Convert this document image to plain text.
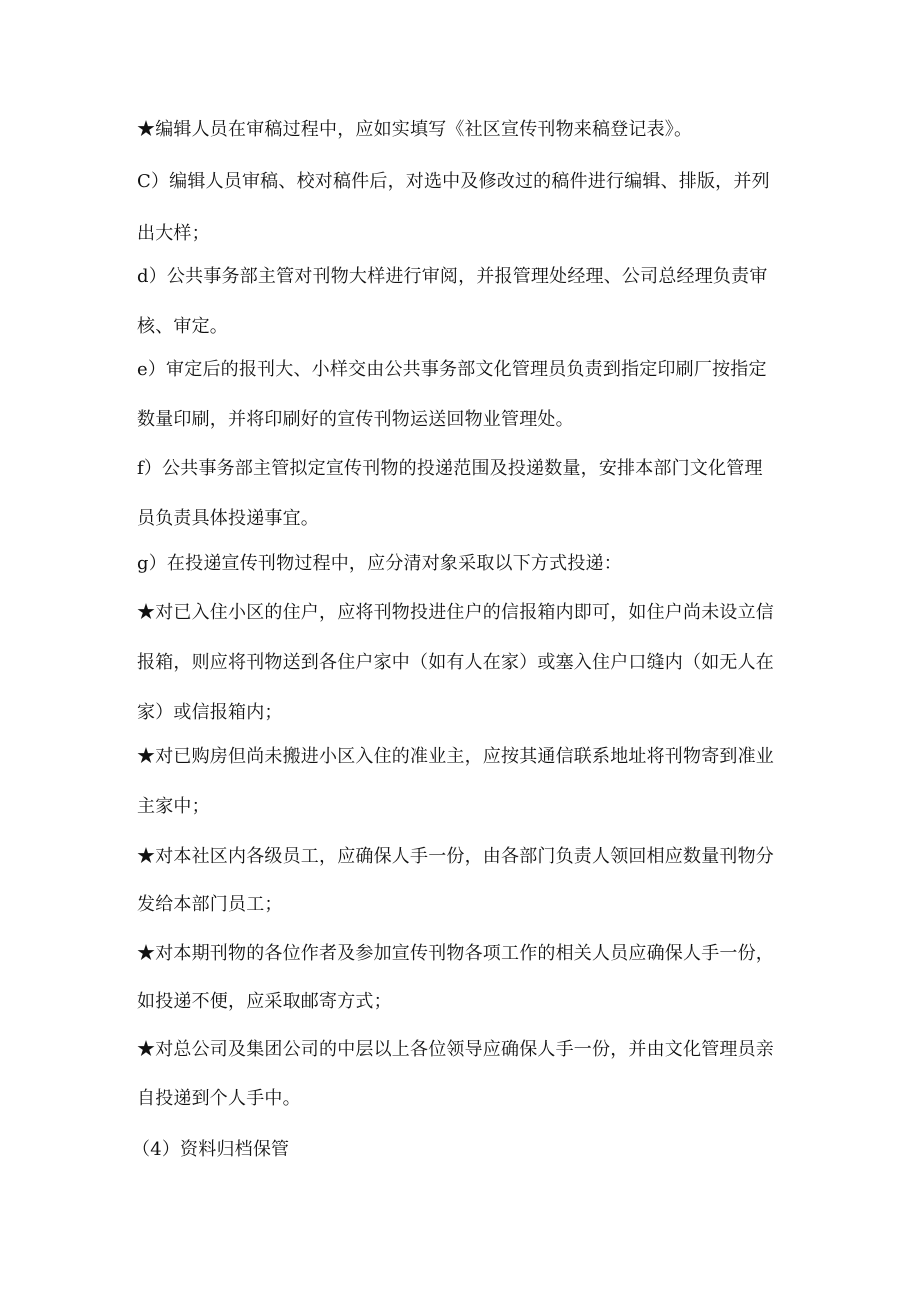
★编辑人员在审稿过程中，应如实填写《社区宣传刊物来稿登记表》。
C）编辑人员审稿、校对稿件后，对选中及修改过的稿件进行编辑、排版，并列
出大样；
d）公共事务部主管对刊物大样进行审阅，并报管理处经理、公司总经理负责审
核、审定。
e）审定后的报刊大、小样交由公共事务部文化管理员负责到指定印刷厂按指定
数量印刷，并将印刷好的宣传刊物运送回物业管理处。
f）公共事务部主管拟定宣传刊物的投递范围及投递数量，安排本部门文化管理
员负责具体投递事宜。
g）在投递宣传刊物过程中，应分清对象采取以下方式投递：
★对已入住小区的住户，应将刊物投进住户的信报箱内即可，如住户尚未设立信
报箱，则应将刊物送到各住户家中（如有人在家）或塞入住户口缝内（如无人在
家）或信报箱内；
★对已购房但尚未搬进小区入住的准业主，应按其通信联系地址将刊物寄到准业
主家中；
★对本社区内各级员工，应确保人手一份，由各部门负责人领回相应数量刊物分
发给本部门员工；
★对本期刊物的各位作者及参加宣传刊物各项工作的相关人员应确保人手一份，
如投递不便，应采取邮寄方式；
★对总公司及集团公司的中层以上各位领导应确保人手一份，并由文化管理员亲
自投递到个人手中。
（4）资料归档保管
